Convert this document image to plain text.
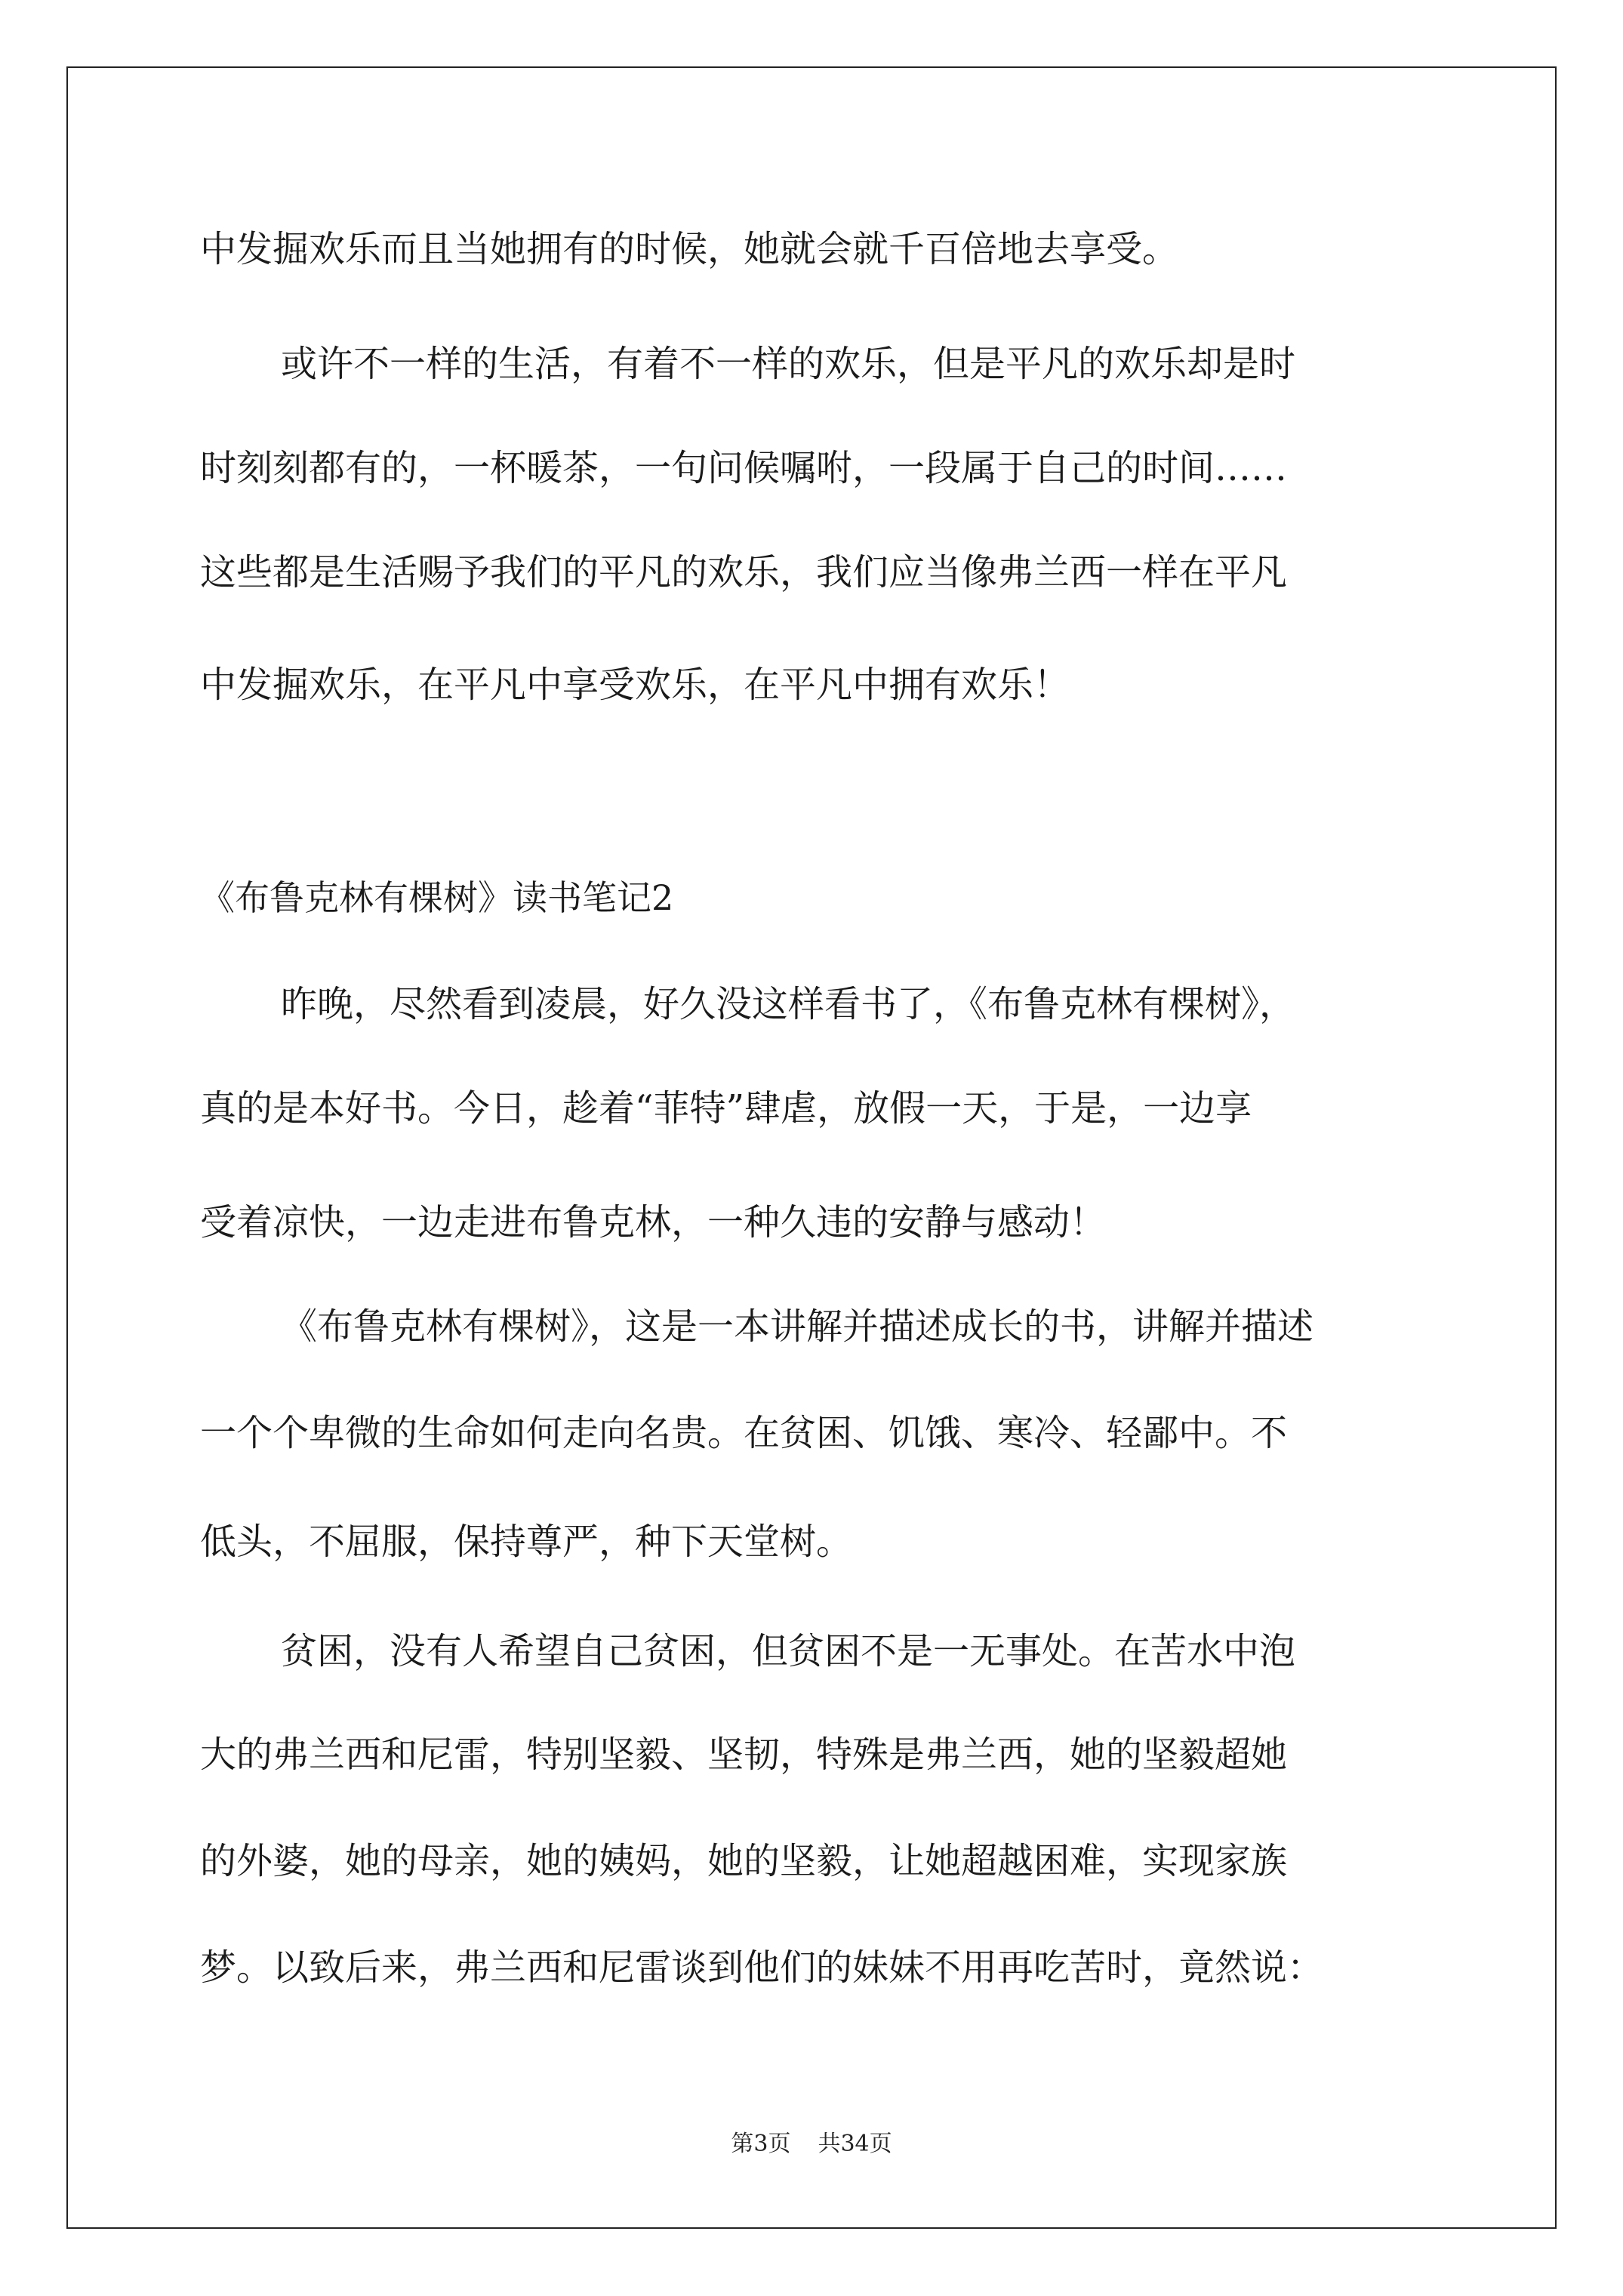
中发掘欢乐而且当她拥有的时候，她就会就千百倍地去享受。
或许不一样的生活，有着不一样的欢乐，但是平凡的欢乐却是时
时刻刻都有的，一杯暖茶，一句问候嘱咐，一段属于自己的时间……
这些都是生活赐予我们的平凡的欢乐，我们应当像弗兰西一样在平凡
中发掘欢乐，在平凡中享受欢乐，在平凡中拥有欢乐！
《布鲁克林有棵树》读书笔记2
昨晚，尽然看到凌晨，好久没这样看书了，《布鲁克林有棵树》，
真的是本好书。今日，趁着“菲特”肆虐，放假一天，于是，一边享
受着凉快，一边走进布鲁克林，一种久违的安静与感动！
《布鲁克林有棵树》，这是一本讲解并描述成长的书，讲解并描述
一个个卑微的生命如何走向名贵。在贫困、饥饿、寒冷、轻鄙中。不
低头，不屈服，保持尊严，种下天堂树。
贫困，没有人希望自己贫困，但贫困不是一无事处。在苦水中泡
大的弗兰西和尼雷，特别坚毅、坚韧，特殊是弗兰西，她的坚毅超她
的外婆，她的母亲，她的姨妈，她的坚毅，让她超越困难，实现家族
梦。以致后来，弗兰西和尼雷谈到他们的妹妹不用再吃苦时，竟然说：
第3页 共34页
